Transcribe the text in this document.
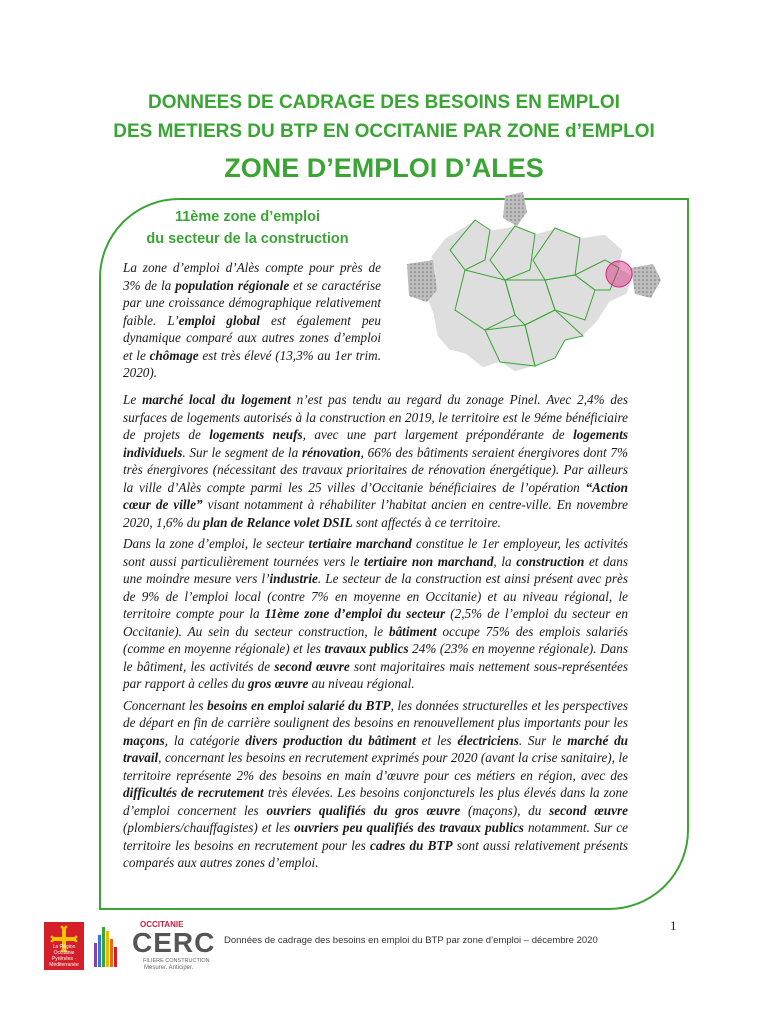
DONNEES DE CADRAGE DES BESOINS EN EMPLOI
DES METIERS DU BTP EN OCCITANIE PAR ZONE d’EMPLOI
ZONE D’EMPLOI D’ALES
11ème zone d’emploi
du secteur de la construction
La zone d’emploi d’Alès compte pour près de 3% de la population régionale et se caractérise par une croissance démographique relativement faible. L’emploi global est également peu dynamique comparé aux autres zones d’emploi et le chômage est très élevé (13,3% au 1er trim. 2020).

Le marché local du logement n’est pas tendu au regard du zonage Pinel. Avec 2,4% des surfaces de logements autorisés à la construction en 2019, le territoire est le 9éme bénéficiaire de projets de logements neufs, avec une part largement prépondérante de logements individuels. Sur le segment de la rénovation, 66% des bâtiments seraient énergivores dont 7% très énergivores (nécessitant des travaux prioritaires de rénovation énergétique). Par ailleurs la ville d’Alès compte parmi les 25 villes d’Occitanie bénéficiaires de l’opération “Action cœur de ville” visant notamment à réhabiliter l’habitat ancien en centre-ville. En novembre 2020, 1,6% du plan de Relance volet DSIL sont affectés à ce territoire.

Dans la zone d’emploi, le secteur tertiaire marchand constitue le 1er employeur, les activités sont aussi particulièrement tournées vers le tertiaire non marchand, la construction et dans une moindre mesure vers l’industrie. Le secteur de la construction est ainsi présent avec près de 9% de l’emploi local (contre 7% en moyenne en Occitanie) et au niveau régional, le territoire compte pour la 11ème zone d’emploi du secteur (2,5% de l’emploi du secteur en Occitanie). Au sein du secteur construction, le bâtiment occupe 75% des emplois salariés (comme en moyenne régionale) et les travaux publics 24% (23% en moyenne régionale). Dans le bâtiment, les activités de second œuvre sont majoritaires mais nettement sous-représentées par rapport à celles du gros œuvre au niveau régional.

Concernant les besoins en emploi salarié du BTP, les données structurelles et les perspectives de départ en fin de carrière soulignent des besoins en renouvellement plus importants pour les maçons, la catégorie divers production du bâtiment et les électriciens. Sur le marché du travail, concernant les besoins en recrutement exprimés pour 2020 (avant la crise sanitaire), le territoire représente 2% des besoins en main d’œuvre pour ces métiers en région, avec des difficultés de recrutement très élevées. Les besoins conjoncturels les plus élevés dans la zone d’emploi concernent les ouvriers qualifiés du gros œuvre (maçons), du second œuvre (plombiers/chauffagistes) et les ouvriers peu qualifiés des travaux publics notamment. Sur ce territoire les besoins en recrutement pour les cadres du BTP sont aussi relativement présents comparés aux autres zones d’emploi.

1
La Région Occitanie Pyrénées · Méditerranée
OCCITANIE
CERC
FILIÈRE CONSTRUCTION
Mesurer. Anticiper.
Données de cadrage des besoins en emploi du BTP par zone d’emploi – décembre 2020
